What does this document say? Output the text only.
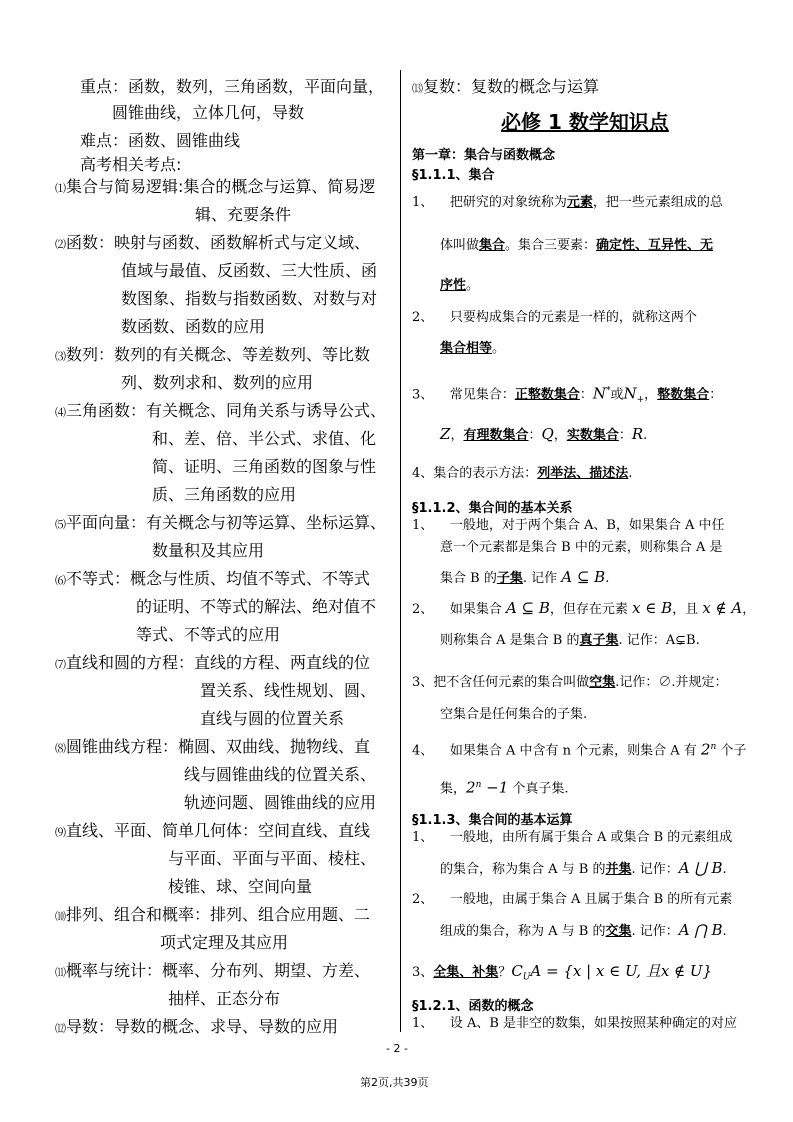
重点：函数，数列，三角函数，平面向量，
圆锥曲线，立体几何，导数
难点：函数、圆锥曲线
高考相关考点:
⑴集合与简易逻辑:集合的概念与运算、简易逻
辑、充要条件
⑵函数：映射与函数、函数解析式与定义域、
值域与最值、反函数、三大性质、函
数图象、指数与指数函数、对数与对
数函数、函数的应用
⑶数列：数列的有关概念、等差数列、等比数
列、数列求和、数列的应用
⑷三角函数：有关概念、同角关系与诱导公式、
和、差、倍、半公式、求值、化
简、证明、三角函数的图象与性
质、三角函数的应用
⑸平面向量：有关概念与初等运算、坐标运算、
数量积及其应用
⑹不等式：概念与性质、均值不等式、不等式
的证明、不等式的解法、绝对值不
等式、不等式的应用
⑺直线和圆的方程：直线的方程、两直线的位
置关系、线性规划、圆、
直线与圆的位置关系
⑻圆锥曲线方程：椭圆、双曲线、抛物线、直
线与圆锥曲线的位置关系、
轨迹问题、圆锥曲线的应用
⑼直线、平面、简单几何体：空间直线、直线
与平面、平面与平面、棱柱、
棱锥、球、空间向量
⑽排列、组合和概率：排列、组合应用题、二
项式定理及其应用
⑾概率与统计：概率、分布列、期望、方差、
抽样、正态分布
⑿导数：导数的概念、求导、导数的应用
⒀复数：复数的概念与运算
必修 1 数学知识点
第一章：集合与函数概念
§1.1.1、集合
1、 把研究的对象统称为元素，把一些元素组成的总
体叫做集合。集合三要素：确定性、互异性、无
序性。
2、 只要构成集合的元素是一样的，就称这两个
集合相等。
3、 常见集合：正整数集合：N*或$N_+$，整数集合：
Z，有理数集合：Q，实数集合：R.
4、集合的表示方法：列举法、描述法.
§1.1.2、集合间的基本关系
1、 一般地，对于两个集合 A、B，如果集合 A 中任
意一个元素都是集合 B 中的元素，则称集合 A 是
集合 B 的子集. 记作 A ⊆ B.
2、 如果集合 A ⊆ B，但存在元素 x ∈ B，且 x ∉ A，
则称集合 A 是集合 B 的真子集. 记作：A⊊B.
3、把不含任何元素的集合叫做空集.记作：∅.并规定：
空集合是任何集合的子集.
4、 如果集合 A 中含有 n 个元素，则集合 A 有 2$^n$ 个子
集，$2^n -1$ 个真子集.
§1.1.3、集合间的基本运算
1、 一般地，由所有属于集合 A 或集合 B 的元素组成
的集合，称为集合 A 与 B 的并集. 记作：A ⋃ B.
2、 一般地，由属于集合 A 且属于集合 B 的所有元素
组成的集合，称为 A 与 B 的交集. 记作：A ⋂ B.
3、全集、补集？$C_UA = \{x$ | x ∈ U, 且x ∉ U}
§1.2.1、函数的概念
1、 设 A、B 是非空的数集，如果按照某种确定的对应
- 2 -
第2页,共39页
